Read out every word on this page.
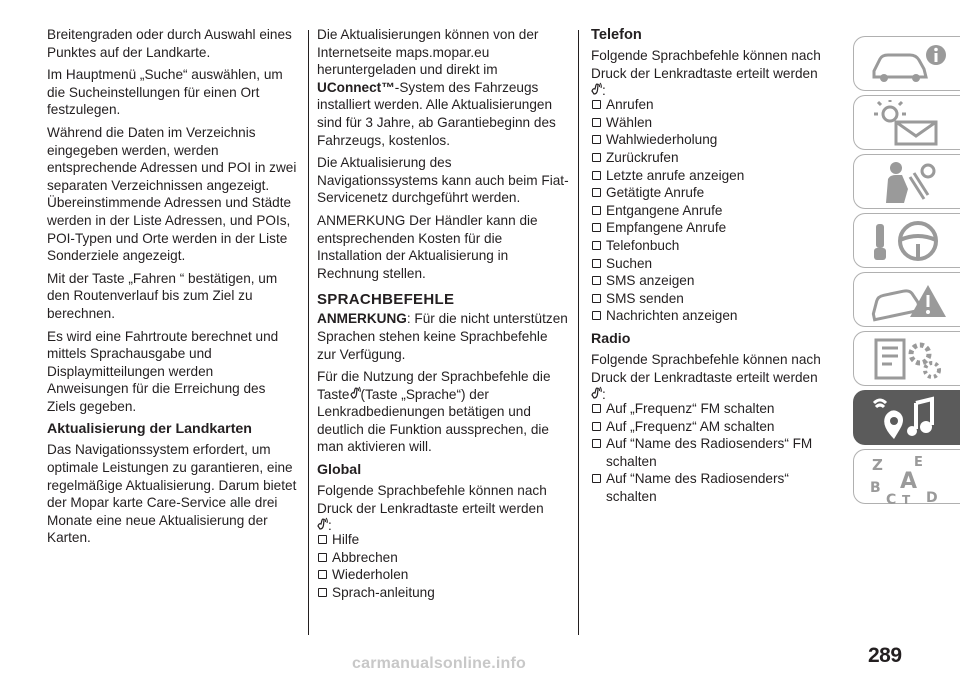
Breitengraden oder durch Auswahl eines Punktes auf der Landkarte.

Im Hauptmenü „Suche“ auswählen, um die Sucheinstellungen für einen Ort festzulegen.

Während die Daten im Verzeichnis eingegeben werden, werden entsprechende Adressen und POI in zwei separaten Verzeichnissen angezeigt. Übereinstimmende Adressen und Städte werden in der Liste Adressen, und POIs, POI-Typen und Orte werden in der Liste Sonderziele angezeigt.

Mit der Taste „Fahren “ bestätigen, um den Routenverlauf bis zum Ziel zu berechnen.

Es wird eine Fahrtroute berechnet und mittels Sprachausgabe und Displaymitteilungen werden Anweisungen für die Erreichung des Ziels gegeben.

Aktualisierung der Landkarten

Das Navigationssystem erfordert, um optimale Leistungen zu garantieren, eine regelmäßige Aktualisierung. Darum bietet der Mopar karte Care-Service alle drei Monate eine neue Aktualisierung der Karten.

Die Aktualisierungen können von der Internetseite maps.mopar.eu heruntergeladen und direkt im
UConnect™-System des Fahrzeugs installiert werden. Alle Aktualisierungen sind für 3 Jahre, ab Garantiebeginn des Fahrzeugs, kostenlos.

Die Aktualisierung des Navigationssystems kann auch beim Fiat-Servicenetz durchgeführt werden.

ANMERKUNG Der Händler kann die entsprechenden Kosten für die Installation der Aktualisierung in Rechnung stellen.

SPRACHBEFEHLE

ANMERKUNG: Für die nicht unterstützen Sprachen stehen keine Sprachbefehle zur Verfügung.

Für die Nutzung der Sprachbefehle die Taste (Taste „Sprache“) der Lenkradbedienungen betätigen und deutlich die Funktion aussprechen, die man aktivieren will.

Global

Folgende Sprachbefehle können nach Druck der Lenkradtaste erteilt werden

:
Hilfe
Abbrechen
Wiederholen
Sprach-anleitung
Telefon

Folgende Sprachbefehle können nach Druck der Lenkradtaste erteilt werden

:
Anrufen
Wählen
Wahlwiederholung
Zurückrufen
Letzte anrufe anzeigen
Getätigte Anrufe
Entgangene Anrufe
Empfangene Anrufe
Telefonbuch
Suchen
SMS anzeigen
SMS senden
Nachrichten anzeigen
Radio

Folgende Sprachbefehle können nach Druck der Lenkradtaste erteilt werden

:
Auf „Frequenz“ FM schalten
Auf „Frequenz“ AM schalten
Auf “Name des Radiosenders“ FM schalten
Auf “Name des Radiosenders“ schalten
Z E
B A
C T D
289
carmanualsonline.info
